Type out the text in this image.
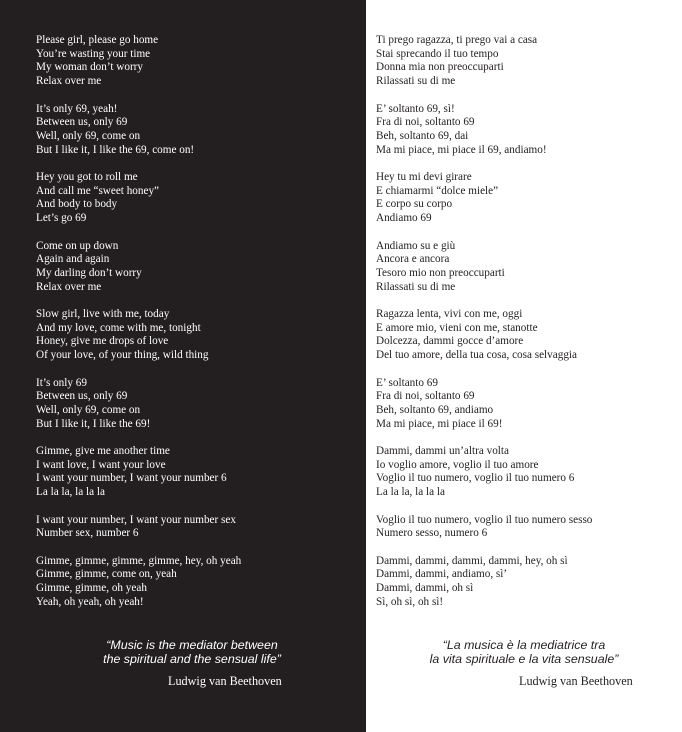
Please girl, please go home
You’re wasting your time
My woman don’t worry
Relax over me
It’s only 69, yeah!
Between us, only 69
Well, only 69, come on
But I like it, I like the 69, come on!
Hey you got to roll me
And call me “sweet honey”
And body to body
Let’s go 69
Come on up down
Again and again
My darling don’t worry
Relax over me
Slow girl, live with me, today
And my love, come with me, tonight
Honey, give me drops of love
Of your love, of your thing, wild thing
It’s only 69
Between us, only 69
Well, only 69, come on
But I like it, I like the 69!
Gimme, give me another time
I want love, I want your love
I want your number, I want your number 6
La la la, la la la
I want your number, I want your number sex
Number sex, number 6
Gimme, gimme, gimme, gimme, hey, oh yeah
Gimme, gimme, come on, yeah
Gimme, gimme, oh yeah
Yeah, oh yeah, oh yeah!
“Music is the mediator between
the spiritual and the sensual life”
Ludwig van Beethoven
Ti prego ragazza, ti prego vai a casa
Stai sprecando il tuo tempo
Donna mia non preoccuparti
Rilassati su di me
E’ soltanto 69, sì!
Fra di noi, soltanto 69
Beh, soltanto 69, dai
Ma mi piace, mi piace il 69, andiamo!
Hey tu mi devi girare
E chiamarmi “dolce miele”
E corpo su corpo
Andiamo 69
Andiamo su e giù
Ancora e ancora
Tesoro mio non preoccuparti
Rilassati su di me
Ragazza lenta, vivi con me, oggi
E amore mio, vieni con me, stanotte
Dolcezza, dammi gocce d’amore
Del tuo amore, della tua cosa, cosa selvaggia
E’ soltanto 69
Fra di noi, soltanto 69
Beh, soltanto 69, andiamo
Ma mi piace, mi piace il 69!
Dammi, dammi un’altra volta
Io voglio amore, voglio il tuo amore
Voglio il tuo numero, voglio il tuo numero 6
La la la, la la la
Voglio il tuo numero, voglio il tuo numero sesso
Numero sesso, numero 6
Dammi, dammi, dammi, dammi, hey, oh sì
Dammi, dammi, andiamo, sì’
Dammi, dammi, oh sì
Sì, oh sì, oh sì!
“La musica è la mediatrice tra
la vita spirituale e la vita sensuale”
Ludwig van Beethoven
